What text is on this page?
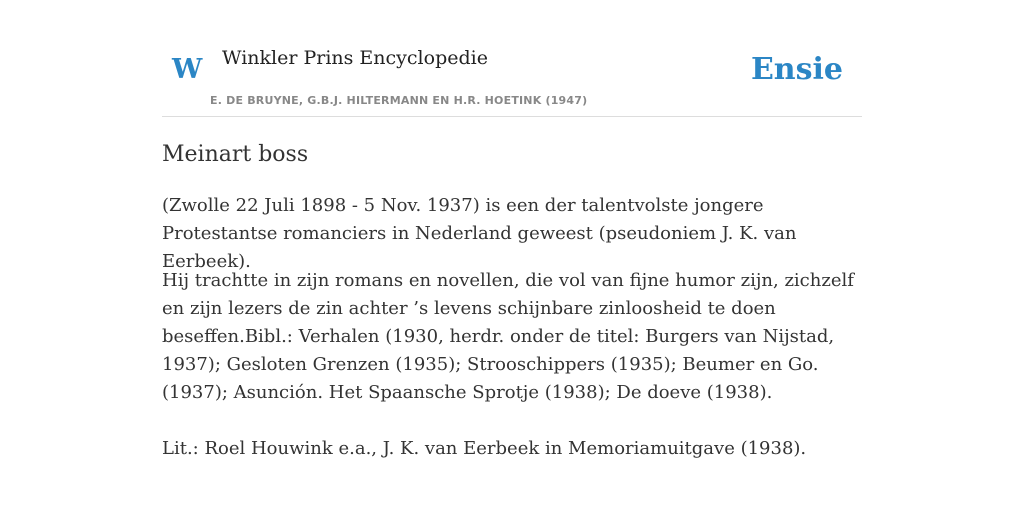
W Winkler Prins Encyclopedie
E. DE BRUYNE, G.B.J. HILTERMANN EN H.R. HOETINK (1947)
Ensie
Meinart boss

(Zwolle 22 Juli 1898 - 5 Nov. 1937) is een der talentvolste jongere Protestantse romanciers in Nederland geweest (pseudoniem J. K. van Eerbeek).

Hij trachtte in zijn romans en novellen, die vol van fijne humor zijn, zichzelf en zijn lezers de zin achter ’s levens schijnbare zinloosheid te doen beseffen.Bibl.: Verhalen (1930, herdr. onder de titel: Burgers van Nijstad, 1937); Gesloten Grenzen (1935); Strooschippers (1935); Beumer en Go. (1937); Asunción. Het Spaansche Sprotje (1938); De doeve (1938).

Lit.: Roel Houwink e.a., J. K. van Eerbeek in Memoriamuitgave (1938).
